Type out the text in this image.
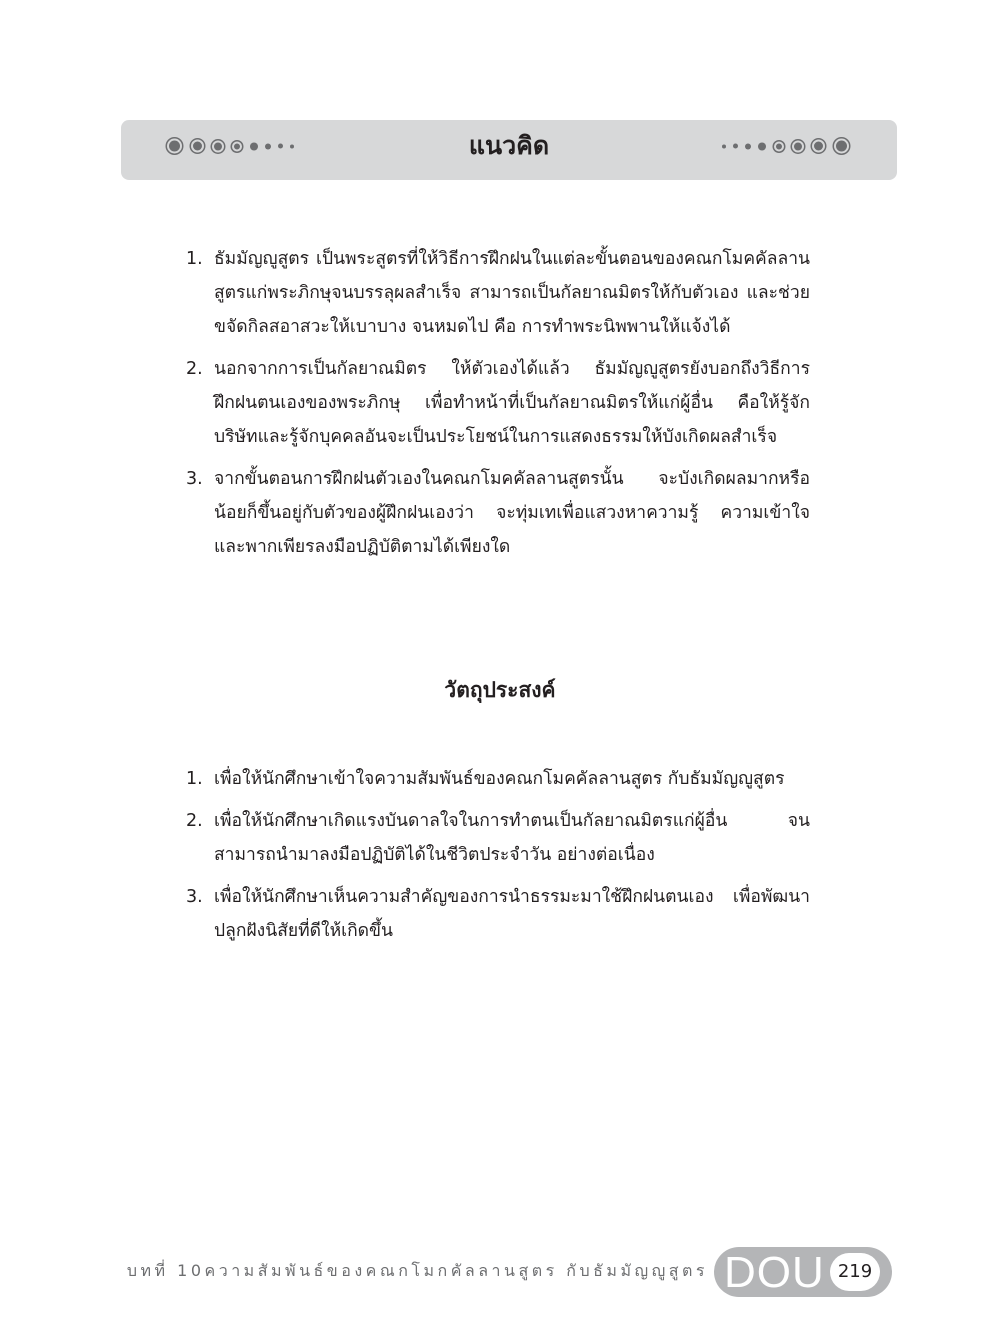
แนวคิด
1. ธัมมัญญูสูตร เป็นพระสูตรที่ให้วิธีการฝึกฝนในแต่ละขั้นตอนของคณกโมคคัลลานสูตรแก่พระภิกษุจนบรรลุผลสำเร็จ สามารถเป็นกัลยาณมิตรให้กับตัวเอง และช่วยขจัดกิลสอาสวะให้เบาบาง จนหมดไป คือ การทำพระนิพพานให้แจ้งได้
2. นอกจากการเป็นกัลยาณมิตร ให้ตัวเองได้แล้ว ธัมมัญญูสูตรยังบอกถึงวิธีการฝึกฝนตนเองของพระภิกษุ เพื่อทำหน้าที่เป็นกัลยาณมิตรให้แก่ผู้อื่น คือให้รู้จักบริษัทและรู้จักบุคคลอันจะเป็นประโยชน์ในการแสดงธรรมให้บังเกิดผลสำเร็จ
3. จากขั้นตอนการฝึกฝนตัวเองในคณกโมคคัลลานสูตรนั้น จะบังเกิดผลมากหรือน้อยก็ขึ้นอยู่กับตัวของผู้ฝึกฝนเองว่า จะทุ่มเทเพื่อแสวงหาความรู้ ความเข้าใจ และพากเพียรลงมือปฏิบัติตามได้เพียงใด
วัตถุประสงค์
1. เพื่อให้นักศึกษาเข้าใจความสัมพันธ์ของคณกโมคคัลลานสูตร กับธัมมัญญูสูตร
2. เพื่อให้นักศึกษาเกิดแรงบันดาลใจในการทำตนเป็นกัลยาณมิตรแก่ผู้อื่น จนสามารถนำมาลงมือปฏิบัติได้ในชีวิตประจำวัน อย่างต่อเนื่อง
3. เพื่อให้นักศึกษาเห็นความสำคัญของการนำธรรมะมาใช้ฝึกฝนตนเอง เพื่อพัฒนาปลูกฝังนิสัยที่ดีให้เกิดขึ้น
บทที่ 10ความสัมพันธ์ของคณกโมกคัลลานสูตร กับธัมมัญญูสูตร DOU 219
